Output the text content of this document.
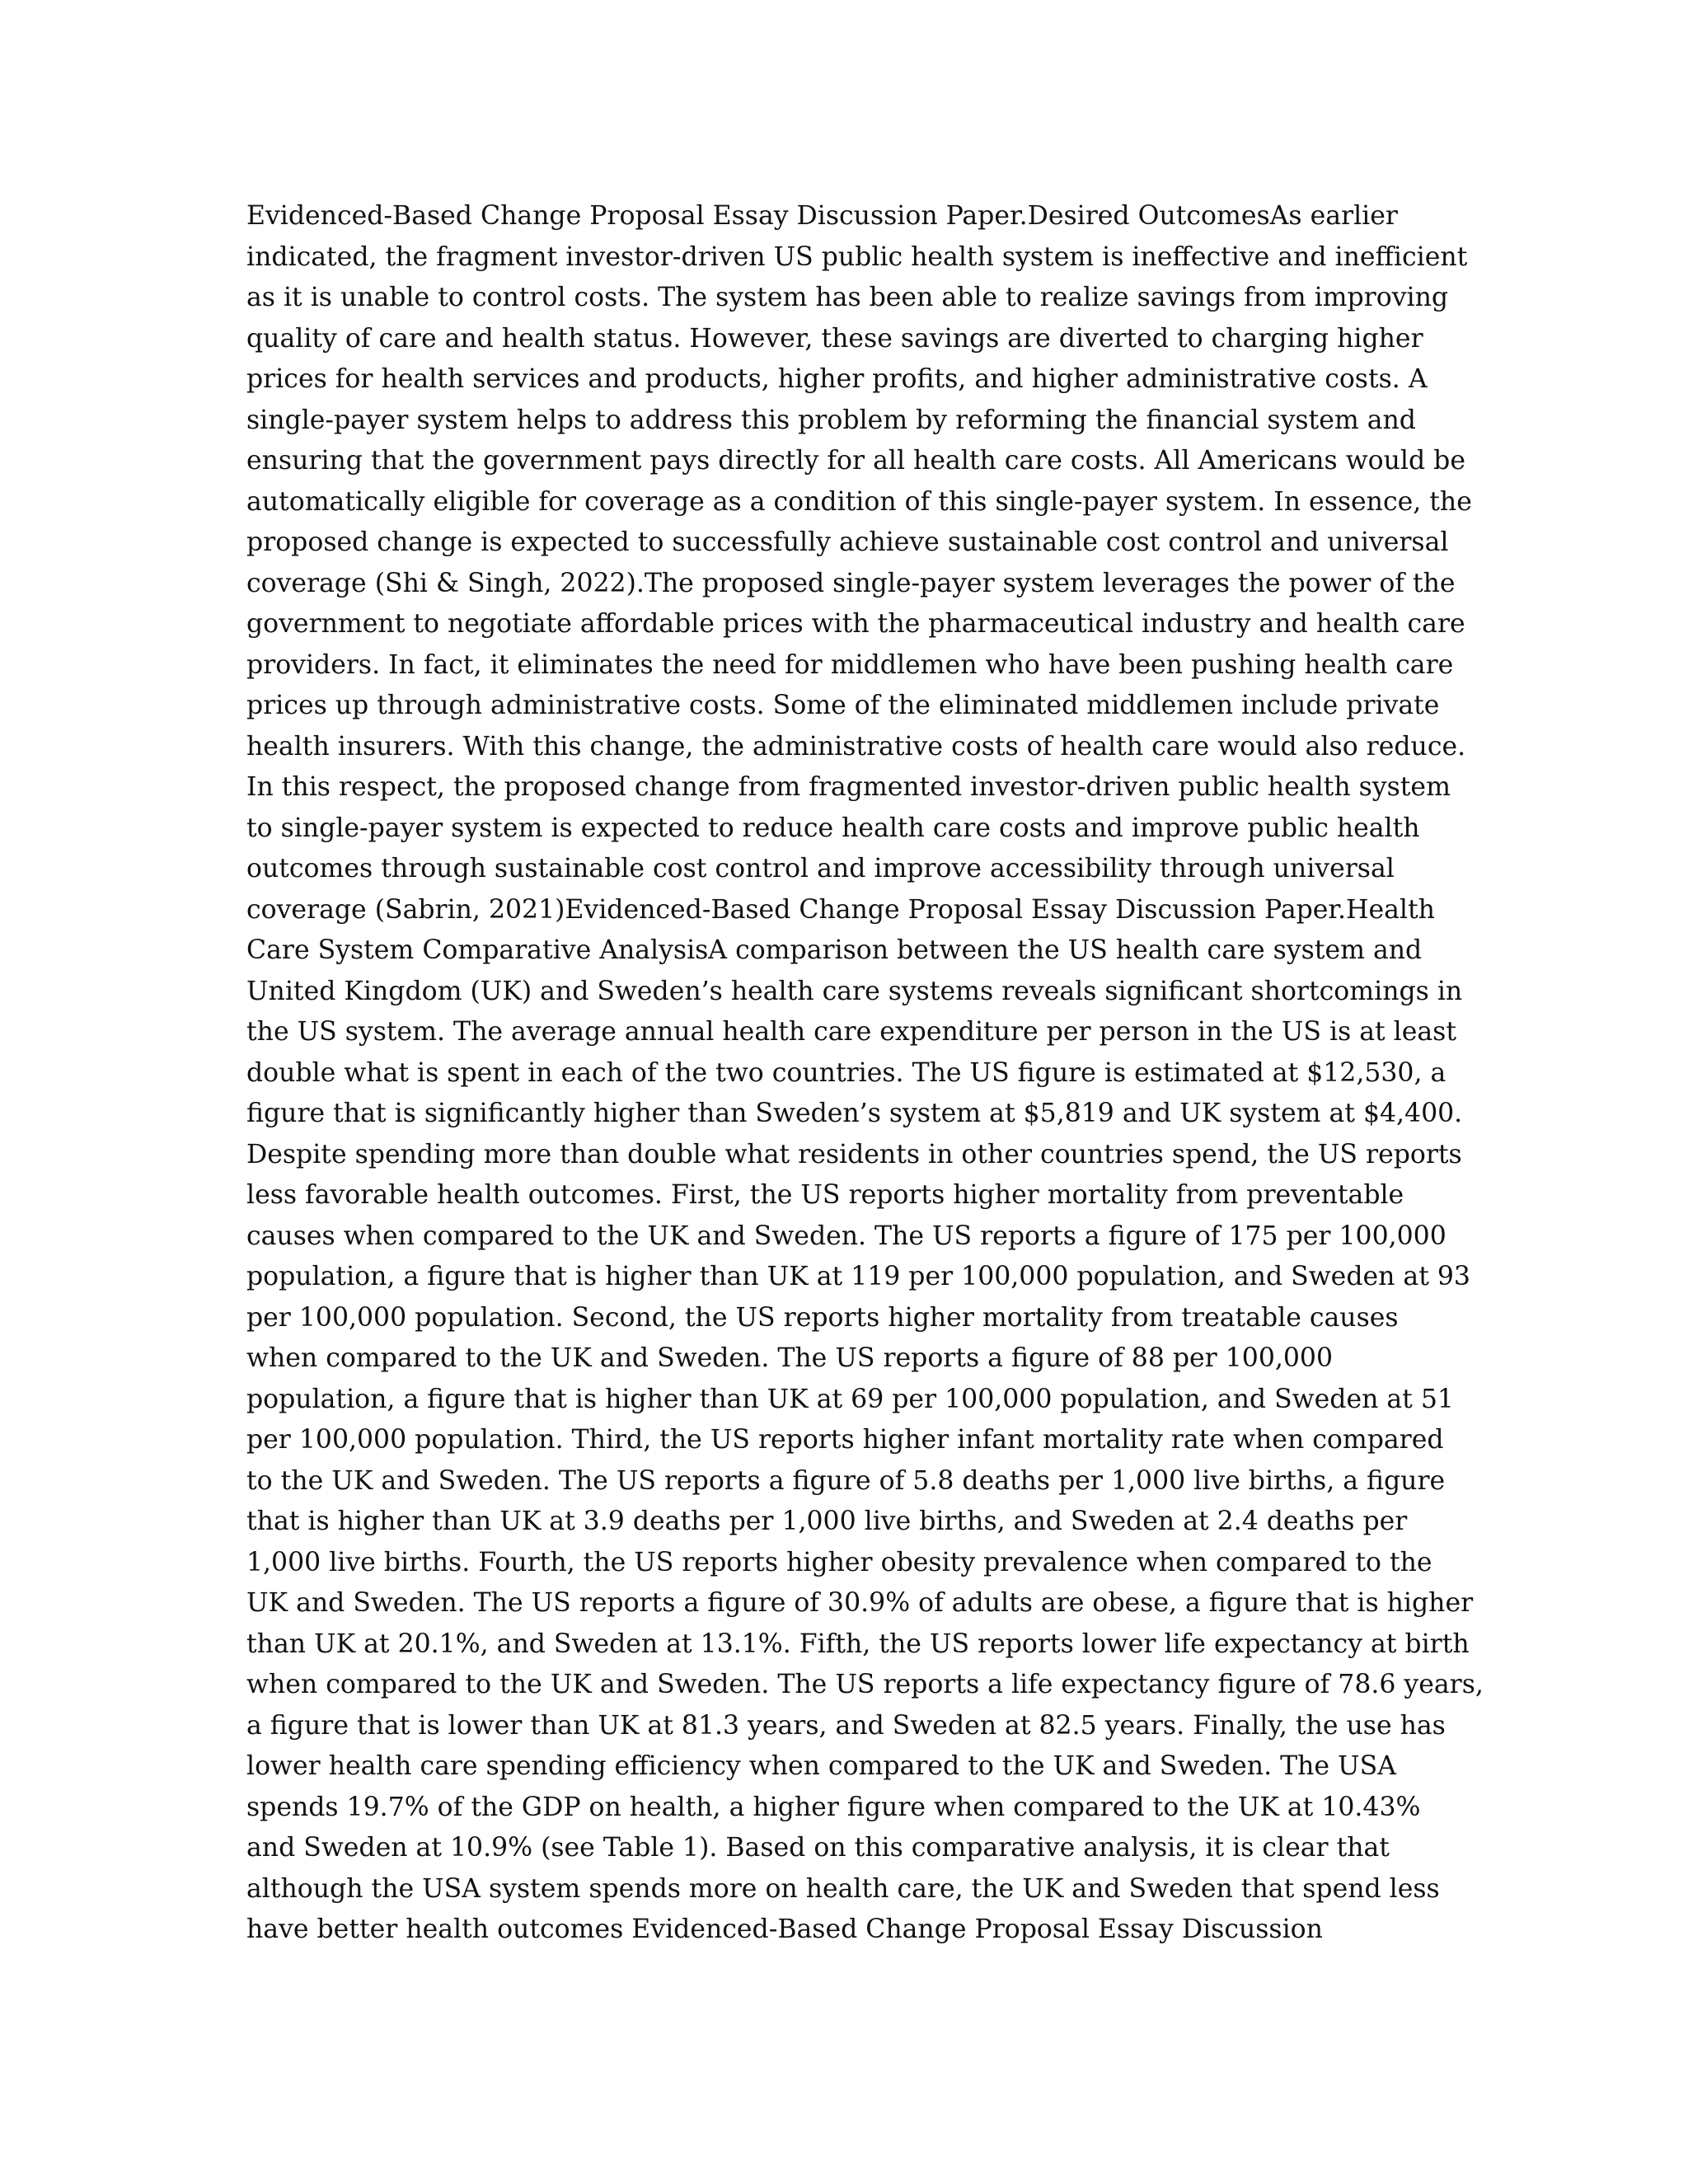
Evidenced-Based Change Proposal Essay Discussion Paper.Desired OutcomesAs earlier
indicated, the fragment investor-driven US public health system is ineffective and inefficient
as it is unable to control costs. The system has been able to realize savings from improving
quality of care and health status. However, these savings are diverted to charging higher
prices for health services and products, higher profits, and higher administrative costs. A
single-payer system helps to address this problem by reforming the financial system and
ensuring that the government pays directly for all health care costs. All Americans would be
automatically eligible for coverage as a condition of this single-payer system. In essence, the
proposed change is expected to successfully achieve sustainable cost control and universal
coverage (Shi & Singh, 2022).The proposed single-payer system leverages the power of the
government to negotiate affordable prices with the pharmaceutical industry and health care
providers. In fact, it eliminates the need for middlemen who have been pushing health care
prices up through administrative costs. Some of the eliminated middlemen include private
health insurers. With this change, the administrative costs of health care would also reduce.
In this respect, the proposed change from fragmented investor-driven public health system
to single-payer system is expected to reduce health care costs and improve public health
outcomes through sustainable cost control and improve accessibility through universal
coverage (Sabrin, 2021)Evidenced-Based Change Proposal Essay Discussion Paper.Health
Care System Comparative AnalysisA comparison between the US health care system and
United Kingdom (UK) and Sweden’s health care systems reveals significant shortcomings in
the US system. The average annual health care expenditure per person in the US is at least
double what is spent in each of the two countries. The US figure is estimated at $12,530, a
figure that is significantly higher than Sweden’s system at $5,819 and UK system at $4,400.
Despite spending more than double what residents in other countries spend, the US reports
less favorable health outcomes. First, the US reports higher mortality from preventable
causes when compared to the UK and Sweden. The US reports a figure of 175 per 100,000
population, a figure that is higher than UK at 119 per 100,000 population, and Sweden at 93
per 100,000 population. Second, the US reports higher mortality from treatable causes
when compared to the UK and Sweden. The US reports a figure of 88 per 100,000
population, a figure that is higher than UK at 69 per 100,000 population, and Sweden at 51
per 100,000 population. Third, the US reports higher infant mortality rate when compared
to the UK and Sweden. The US reports a figure of 5.8 deaths per 1,000 live births, a figure
that is higher than UK at 3.9 deaths per 1,000 live births, and Sweden at 2.4 deaths per
1,000 live births. Fourth, the US reports higher obesity prevalence when compared to the
UK and Sweden. The US reports a figure of 30.9% of adults are obese, a figure that is higher
than UK at 20.1%, and Sweden at 13.1%. Fifth, the US reports lower life expectancy at birth
when compared to the UK and Sweden. The US reports a life expectancy figure of 78.6 years,
a figure that is lower than UK at 81.3 years, and Sweden at 82.5 years. Finally, the use has
lower health care spending efficiency when compared to the UK and Sweden. The USA
spends 19.7% of the GDP on health, a higher figure when compared to the UK at 10.43%
and Sweden at 10.9% (see Table 1). Based on this comparative analysis, it is clear that
although the USA system spends more on health care, the UK and Sweden that spend less
have better health outcomes Evidenced-Based Change Proposal Essay Discussion
